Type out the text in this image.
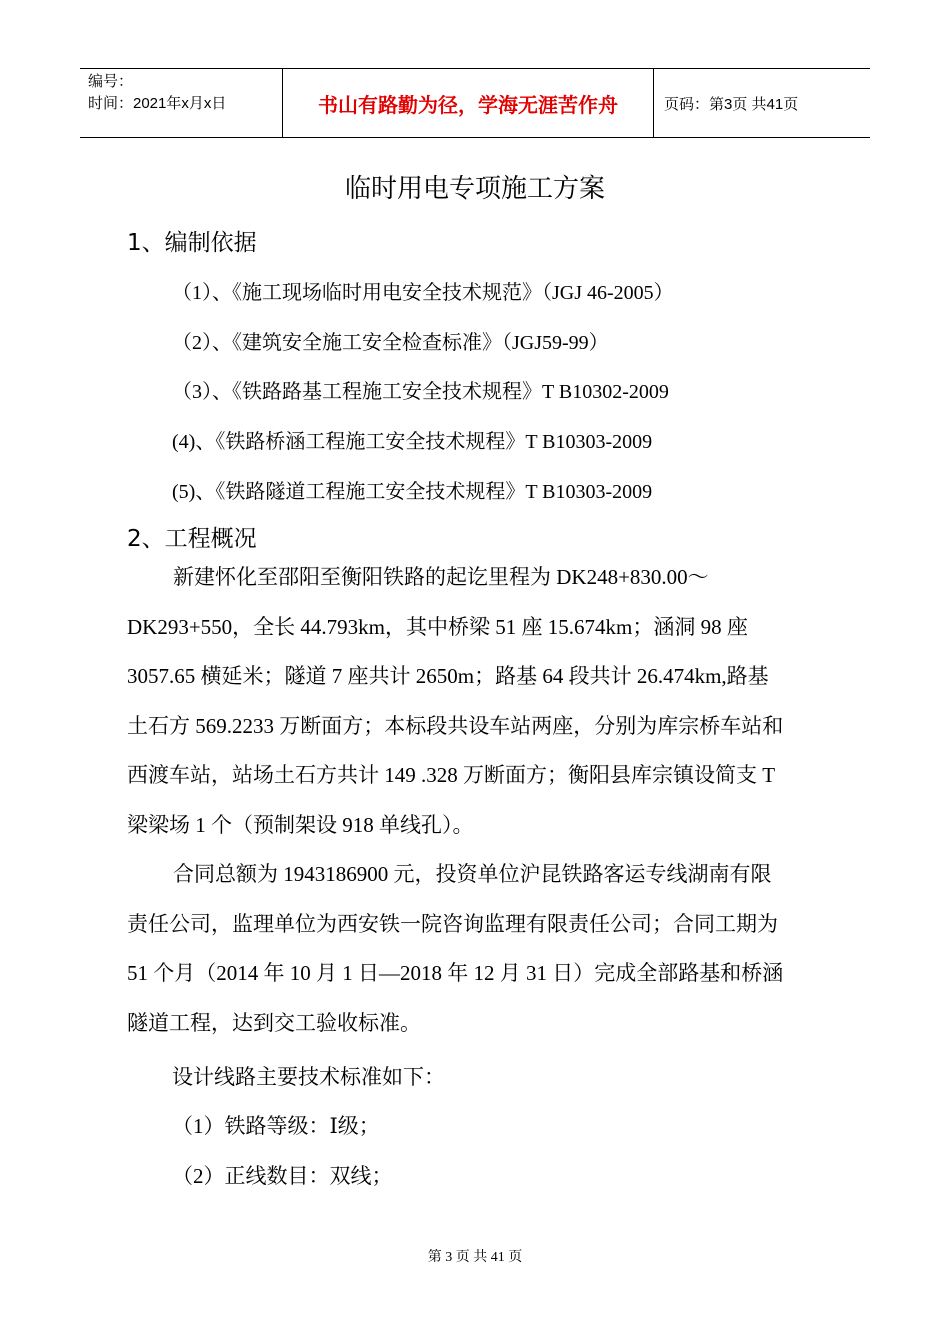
编号：
时间：2021年x月x日	书山有路勤为径，学海无涯苦作舟	页码：第3页 共41页
临时用电专项施工方案
1、编制依据
（1）、《施工现场临时用电安全技术规范》（JGJ 46-2005）
（2）、《建筑安全施工安全检查标准》（JGJ59-99）
（3）、《铁路路基工程施工安全技术规程》T B10302-2009
(4)、《铁路桥涵工程施工安全技术规程》T B10303-2009
(5)、《铁路隧道工程施工安全技术规程》T B10303-2009
2、工程概况
新建怀化至邵阳至衡阳铁路的起讫里程为 DK248+830.00～
DK293+550，全长 44.793km，其中桥梁 51 座 15.674km；涵洞 98 座
3057.65 横延米；隧道 7 座共计 2650m；路基 64 段共计 26.474km,路基
土石方 569.2233 万断面方；本标段共设车站两座，分别为库宗桥车站和
西渡车站，站场土石方共计 149 .328 万断面方；衡阳县库宗镇设简支 T
梁梁场 1 个（预制架设 918 单线孔）。
合同总额为 1943186900 元，投资单位沪昆铁路客运专线湖南有限
责任公司，监理单位为西安铁一院咨询监理有限责任公司；合同工期为
51 个月（2014 年 10 月 1 日—2018 年 12 月 31 日）完成全部路基和桥涵
隧道工程，达到交工验收标准。
设计线路主要技术标准如下：
（1）铁路等级：Ⅰ级；
（2）正线数目：双线；
第 3 页 共 41 页
